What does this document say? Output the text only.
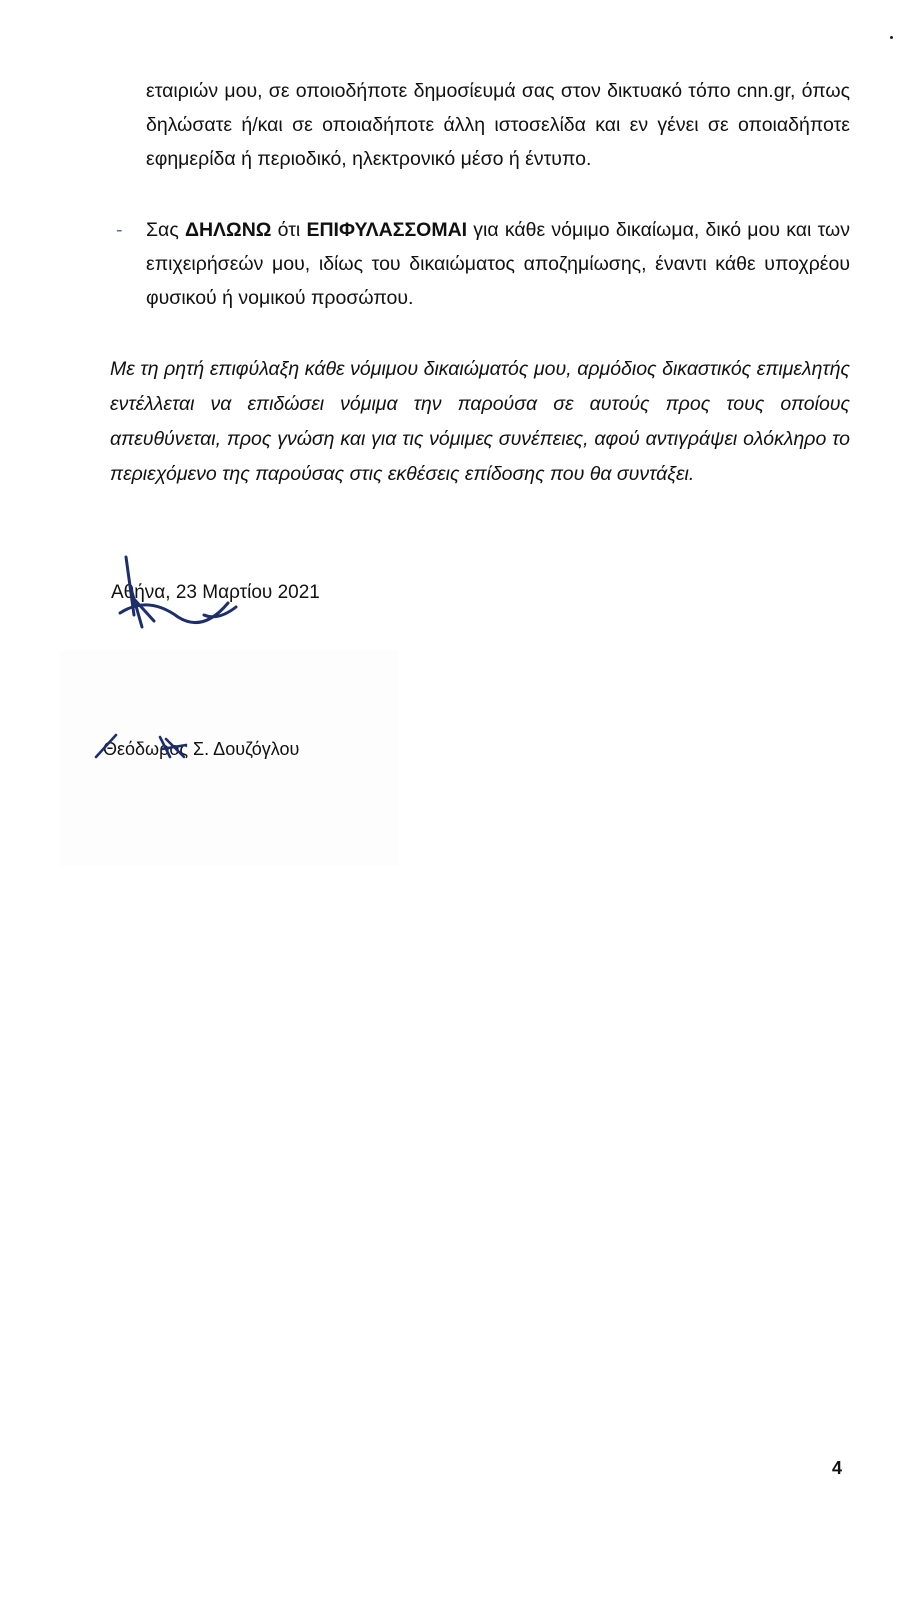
εταιριών μου, σε οποιοδήποτε δημοσίευμά σας στον δικτυακό τόπο cnn.gr, όπως δηλώσατε ή/και σε οποιαδήποτε άλλη ιστοσελίδα και εν γένει σε οποιαδήποτε εφημερίδα ή περιοδικό, ηλεκτρονικό μέσο ή έντυπο.

- Σας ΔΗΛΩΝΩ ότι ΕΠΙΦΥΛΑΣΣΟΜΑΙ για κάθε νόμιμο δικαίωμα, δικό μου και των επιχειρήσεών μου, ιδίως του δικαιώματος αποζημίωσης, έναντι κάθε υποχρέου φυσικού ή νομικού προσώπου.

Με τη ρητή επιφύλαξη κάθε νόμιμου δικαιώματός μου, αρμόδιος δικαστικός επιμελητής εντέλλεται να επιδώσει νόμιμα την παρούσα σε αυτούς προς τους οποίους απευθύνεται, προς γνώση και για τις νόμιμες συνέπειες, αφού αντιγράψει ολόκληρο το περιεχόμενο της παρούσας στις εκθέσεις επίδοσης που θα συντάξει.

Αθήνα, 23 Μαρτίου 2021
Θεόδωρος Σ. Δουζόγλου
4
